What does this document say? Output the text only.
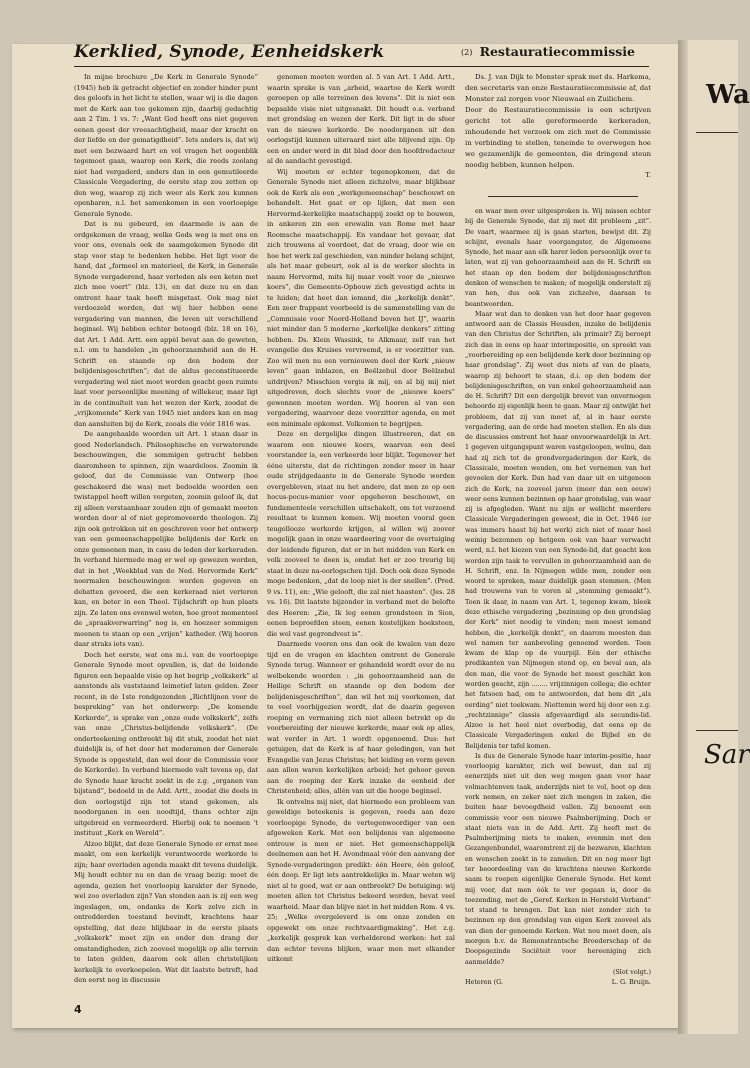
Wa
Sar
Kerklied, Synode, Eenheidskerk	(2) Restauratiecommissie

In mijne brochure „De Kerk in Generale Synode” (1945) heb ik getracht objectief en zonder hinder punt des geloofs in het licht te stellen, waar wij is die dagen met de Kerk aan toe gekomen zijn, daarbij gedachtig aan 2 Tim. 1 vs. 7: „Want God heeft ons niet gegeven eenen geest der vreesachtigheid, maar der kracht en der liefde en der gematigdheid”. Iets anders is, dat wij met een bezwaard hart en vol vragen het oogenblik tegemoet gaan, waarop een Kerk, die reeds zoolang niet had vergaderd, anders dan in een gemutileerde Classicale Vergadering, de eerste stap zou zetten op den weg, waarop zij zich weer als Kerk zou kunnen openbaren, n.l. het samenkomen in een voorloopige Generale Synode.

Dat is nu gebeurd, en daarmede is aan de ordgekomen de vraag, welke Gods weg is met ons en voor ons, evenals ook de saamgekomen Synode dit stap voor stap te bedenken hebbe. Het ligt voor de hand, dat „formeel en materieel, de Kerk, in Generale Synode vergaderend, haar verleden als een keten met zich mee voert” (blz. 13), en dat deze nu en dan omtrent haar taak heeft misgetast. Ook mag niet verdoezeld worden, dat wij hier hebben eene vergadering van mannen, die leven uit verschillend beginsel. Wij hebben echter betoogd (blz. 18 en 16), dat Art. 1 Add. Artt. een appèl bevat aan de geweten, n.l. om te handelen „in gehoorzaamheid aan de H. Schrift en staande op den bodem der belijdenisgeschriften”; dat de aldus geconstitueerde vergadering wel niet moet worden geacht geen ruimte laat voor persoonlijke meening of willekeur, maar ligt in de continuïteit van het wezen der Kerk, zoodat de „vrijkomende” Kerk van 1945 niet anders kan en mag dan aansluiten bij de Kerk, zooals die vóór 1816 was.

De aangehaalde woorden uit Art. 1 staan daar in goed Nederlandsch. Philosophische en verwaterende beschouwingen, die sommigen getracht hebben daaromheen te spinnen, zijn waardeloos. Zoomin ik geloof, dat de Commissie van Ontwerp (hoe geschakeerd die was) met bedoelde woorden een twistappel heeft willen vergeten, zoomin geloof ik, dat zij alleen verstaanbaar zouden zijn of gemaakt moeten worden door al of niet gepromoveerde theologen. Zij zijn ook getrokken uit en geschreven voor het ontwerp van een gemeenschappelijke belijdenis der Kerk en onze gemeenen man, in casu de leden der kerkeraden. In verband hiermede mag er wel op gewezen worden, dat in het „Weekblad van de Ned. Hervormde Kerk” noermalen beschouwingen worden gegeven en debatten gevoerd, die een kerkeraad niet verteren kan, en beter in een Theol. Tijdschrift op hun plaats zijn. Ze laten ons evenwel weten, hoe groot momenteel de „spraakverwarring” nog is, en hoezeer sommigen meenen te staan op een „vrijen” katheder. (Wij hooren daar straks iets van).

Doch het eerste, wat ons m.i. van de voorloopige Generale Synode moet opvallen, is, dat de leidende figuren een bepaalde visie op het begrip „volkskerk” al aanstonds als vaststaand leimotief laten gelden. Zeer recent, in de 1ste rondgezonden „Richtlijnen voor de bespreking” van het onderwerp: „De komende Kerkorde”, is sprake van „onze oude volkskerk”, zelfs van onze „Christus-belijdende volkskerk”. (De onderteekening ontbreekt bij dit stuk, zoodat het niet duidelijk is, of het door het moderamen der Generale Synode is opgesteld, dan wel door de Commissie voor de Kerkorde). In verband hiermede valt tevens op, dat de Synode haar kracht zoekt in de z.g. „organen van bijstand”, bedoeld in de Add. Artt., zoodat die deels in den oorlogstijd zijn tot stand gekomen, als noodorganen in een noodtijd, thans echter zijn uitgebreid en vermeerderd. Hierbij ook te noemen 't instituut „Kerk en Wereld”.

Alzoo blijkt, dat deze Generale Synode er ernst mee maakt, om een kerkelijk verantwoorde werkorde te zijn; haar overladen agenda maakt dit tevens duidelijk. Mij houdt echter nu en dan de vraag bezig: moet de agenda, gezien het voorloopig karakter der Synode, wel zoo overladen zijn? Van stonden aan is zij een weg ingeslagen, om, ondanks de Kerk zelve zich in ontredderden toestand bevindt, krachtens haar opstelling, dat deze blijkbaar in de eerste plaats „volkskerk” moet zijn en onder den drang der omstandigheden, zich zooveel mogelijk op alle terrein te laten gelden, daarom ook allen christelijken kerkelijk te overkoepelen. Wat dit laatste betreft, had den eerst nog in discussie

genomen moeten worden al. 5 van Art. 1 Add. Artt., waarin sprake is van „arbeid, waartoe de Kerk wordt geroepen op alle terreinen des levens”. Dit is niet een bepaalde visie niet uitgesnakt. Dit houdt o.a. verband met grondslag en wezen der Kerk. Dit ligt in de sfeer van de nieuwe kerkorde. De noodorganen uit den oorlogstijd kunnen uiteraard niet alle blijvend zijn. Op een en ander werd in dit blad door den hoofdredacteur al de aandacht gevestigd.

Wij moeten er echter tegenopkomen, dat de Generale Synode niet alleen zichzelve, maar blijkbaar ook de Kerk als een „werkgemeenschap” beschouwt en behandelt. Het gaat er op lijken, dat men een Hervormd-kerkelijke maatschappij zoekt op te bouwen, in ankeren zin een erewalin van Rome met haar Roomsche maatschappij. En vandaar het gevaar, dat zich trouwens al voordoet, dat de vraag, door wie en hoe het werk zal geschieden, van minder belang schijnt, als het maar gebeurt, ook al is de werker slechts in naam Hervormd, mits hij maar voelt voor de „nieuwe koers”, die Gemeente-Opbouw zich gevestigd achte in te luiden; dat heet dan iemand, die „kerkelijk denkt”. Een zeer frappant voorbeeld is de samenstelling van de „Commissie voor Noord-Holland boven het IJ”, waarin niet minder dan 5 moderne „kerkelijke denkers” zitting hebben. Ds. Klein Wassink, te Alkmaar, zelf van het evangelie des Kruises vervreemd, is er voorzitter van. Zoo wil men nu een vernieuwen deel der Kerk „nieuw leven” gaan inblazen, en Beëlzebul door Beëlzebul uitdrijven? Misschien vergis ik mij, en al bij mij niet uitgedreven, doch slechts voor de „nieuwe koers” gewonnen moeten worden. Wij hooren al van een vergadering, waarvoor deze voorzitter agenda, en met een minimale opkomst. Volkomen te begrijpen.

Deze en dergelijke dingen illustreeren, dat en waarom een nieuwe koers, waarvan een deel voorstander is, een verkeerde leer blijkt. Tegenover het ééne uiterste, dat de richtingen zonder meer in haar oude strijdgedaante in de Generale Synode worden overgebleven, staat nu het andere, dat men ze op een hocus-pocus-manier voor opgeheven beschouwt, en fundamenteele verschillen uitschakelt, om tot verzoend resultaat te kunnen komen. Wij moeten vooral geen teugellooze werkorde krijgen, al willen wij zoover mogelijk gaan in onze waardeering voor de overtuiging der leidende figuren, dat er in het midden van Kerk en volk zooveel te doen is, omdat het er zoo treurig bij staat in deze na-oorlogschen tijd. Doch ook deze Synode moge bedenken, „dat de loop niet is der snellen”. (Pred. 9 vs. 11), en: „Wie gelooft, die zal niet haasten”. (Jes. 28 vs. 16). Dit laatste bijzonder in verband met de belofte des Heeren: „Zie, Ik leg eenen grondsteen in Sion, eenen beproefden steen, eenen kostelijken hoeksteen, die wel vast gegrondvest is”.

Daarmede voeren ons dan ook de kwalen van deze tijd en de vragen en klachten omtrent de Generale Synode terug. Wanneer er gehandeld wordt over de nu welbekende woorden : „in gehoorzaamheid aan de Heilige Schrift en staande op den bodem der belijdenisgeschriften”, dan wil het mij voorkomen, dat te veel voorbijgezien wordt, dat de daarin gegeven roeping en vermaning zich niet alleen betrekt op de voorbereiding der nieuwe kerkorde, maar ook op alles, wat verder in Art. 1 wordt opgenoemd. Dus: het getuigen, dat de Kerk is af haar geledingen, van het Evangelie van Jezus Christus; het leiding en vorm geven aan allen waren kerkelijken arbeid; het gehoor geven aan de roeping der Kerk inzake de eenheid der Christenheid; alles, allén van uit die hooge beginsel.

Ik ontvelns mij niet, dat hiermede een probleem van geweldige beteekenis is gegeven, reeds aan deze voorloopige Synode, de vertegenwoordiger van een afgeweken Kerk. Met een belijdenis van algemeene ontrouw is men er niet. Het gemeenschappelijk deelnemen aan het H. Avondmaal vóór den aanvang der Synode-vergaderingen predikt: één Heere, één geloof, één doop. Er ligt iets aantrekkelijks in. Maar weten wij niet al te goed, wat er aan ontbreekt? De betuiging: wij moeten allen tot Christus bekeerd worden, bevat veel waarheid. Maar dan blijve niet in het midden Rom. 4 vs. 25; „Welke overgeleverd is om onze zonden en opgewekt om onze rechtvaardigmaking”. Het z.g. „kerkelijk gesprek kan verhelderend werken: het zal dan echter tevens blijken, waar men met elkander uitkomt

Ds. J. van Dijk te Monster sprak met ds. Harkema, den secretaris van onze Restauratiecommissie af, dat Monster zal zorgen voor Nieuwaal en Zuilichem.
Door de Restauratiecommissie is een schrijven gericht tot alle gereformeerde kerkeraden, inhoudende het verzoek om zich met de Commissie in verbinding te stellen, teneinde te overwegen hoe we gezamenlijk de gemeenten, die dringend steun noodig hebben, kunnen helpen.

T.

en waar men over uitgesproken is. Wij missen echter bij de Generale Synode, dat zij met dit probleem „zit”. De vaart, waarmee zij is gaan starten, bewijst dit. Zij schijnt, evenals haar voorgangster, de Algemeene Synode, het maar aan elk harer leden persoonlijk over te laten, wat zij van gehoorzaamheid aan de H. Schrift en het staan op den bodem der belijdenisgeschriften denken of wenschen te maken; of mogelijk onderstelt zij van hen, dus ook van zichzelve, daaraan te beantwoorden.

Maar wat dan te denken van het door haar gegeven antwoord aan de Classis Heusden, inzake de belijdenis van den Christus der Schriften, als primair? Zij beroept zich dan in eens op haar interimpositie, en spreekt van „voorbereiding op een belijdende kerk door bezinning op haar grondslag”. Zij weet dus niets af van de plaats, waarop zij behoort te staan, d.i. op den bodem der belijdenisgeschriften, en van enkel gehoorzaamheid aan de H. Schrift? Dit een dergelijk brevet van onvermogen behoorde zij eigenlijk heen te gaan. Maar zij ontwijkt het probleem, dat zij van meet af, al in haar eerste vergadering, aan de orde had moeten stellen. En als dan de discussies omtrent het haar onvoorwaardelijk in Art. 1 gegeven uitgangspunt waren vastgeloopen, welnu, dan had zij zich tot de grondvergaderingen der Kerk, de Classicale, moeten wenden, om het vernemen van het gevoelen der Kerk. Dan had van daar uit en uitgenoon zich de Kerk, na zooveel jaren (meer dan een eeuw) weer eens kunnen bezinnen op haar grondslag, van waar zij is afgegleden. Want nu zijn er wellicht meerdere Classicale Vergaderingen geweest, die in Oct. 1946 (er was immers haast bij het werk) zich niet of maar heel weinig bezonnen op hetgeen ook van haar verwacht werd, n.l. het kiezen van een Synode-lid, dat geacht kon worden zijn taak te vervullen in gehoorzaamheid aan de H. Schrift, enz. In Nijmegen wilde men, zonder een woord te spreken, maar duidelijk gaan stemmen. (Men had trouwens van te voren al „stemming gemaakt”). Toen ik daar, in naam van Art. 1, tegenop kwam, bleek deze ethische vergadering „bezinning op den grondslag der Kerk” niet noodig te vinden; men moest iemand hebben, die „kerkelijk denkt”, en daarom moesten dan wel namen ter aanbeveling genoemd worden. Toen kwam de klap op de vuurpijl. Eén der ethische predikanten van Nijmegen stond op, en beval aan, als den man, die voor de Synode het meest geschikt kon worden geacht, zijn ........ vrijzinnigen collega; die echter het fatsoen had, om te antwoorden, dat hem dit „als eerding” niet toekwam. Niettemin werd hij door een z.g. „rechtzinnige” classis afgevaardigd als secundis-lid. Alzoo is het heel niet overbodig, dat eens op de Classicale Vergaderingen enkel de Bijbel en de Belijdenis ter tafel komen.

Is dus de Generale Synode haar interim-positie, haar voorloopig karakter, zich wel bewust, dan zal zij eenerzijds niet uit den weg mogen gaan voor haar volmachtenven taak, anderzijds niet te vol, hoot op den vork nemen, en zeker niet zich mengen in zaken, die buiten haar bevoegdheid vallen. Zij benoemt een commissie voor een nieuwe Psalmberijming. Doch er staat niets van in de Add. Artt. Zij heeft met de Psalmberijming niets te maken, evenmin met den Gezangenbundel, waaromtrent zij de bezwaren, klachten en wenschen zoekt in te zamelen. Dit en nog meer ligt ter beoordeeling van de krachtens nieuwe Kerkorde saam te roepen eigenlijke Generale Synode. Het komt mij voor, dat men óók te ver gegaan is, door de toezending, met de „Geref. Kerken in Hersteld Verband” tot stand te brengen. Dat kan niet zonder zich te bezinnen op den grondslag van eigen Kerk zooveel als van dien der genoemde Kerken. Wat nou moet doen, als morgen b.v. de Remonstrantsche Broederschap of de Doopsgezinde Sociëteit voor hereeniging zich aanmeldde?

(Slot volgt.)

Heteren (G.	L. G. Bruijn.
4
